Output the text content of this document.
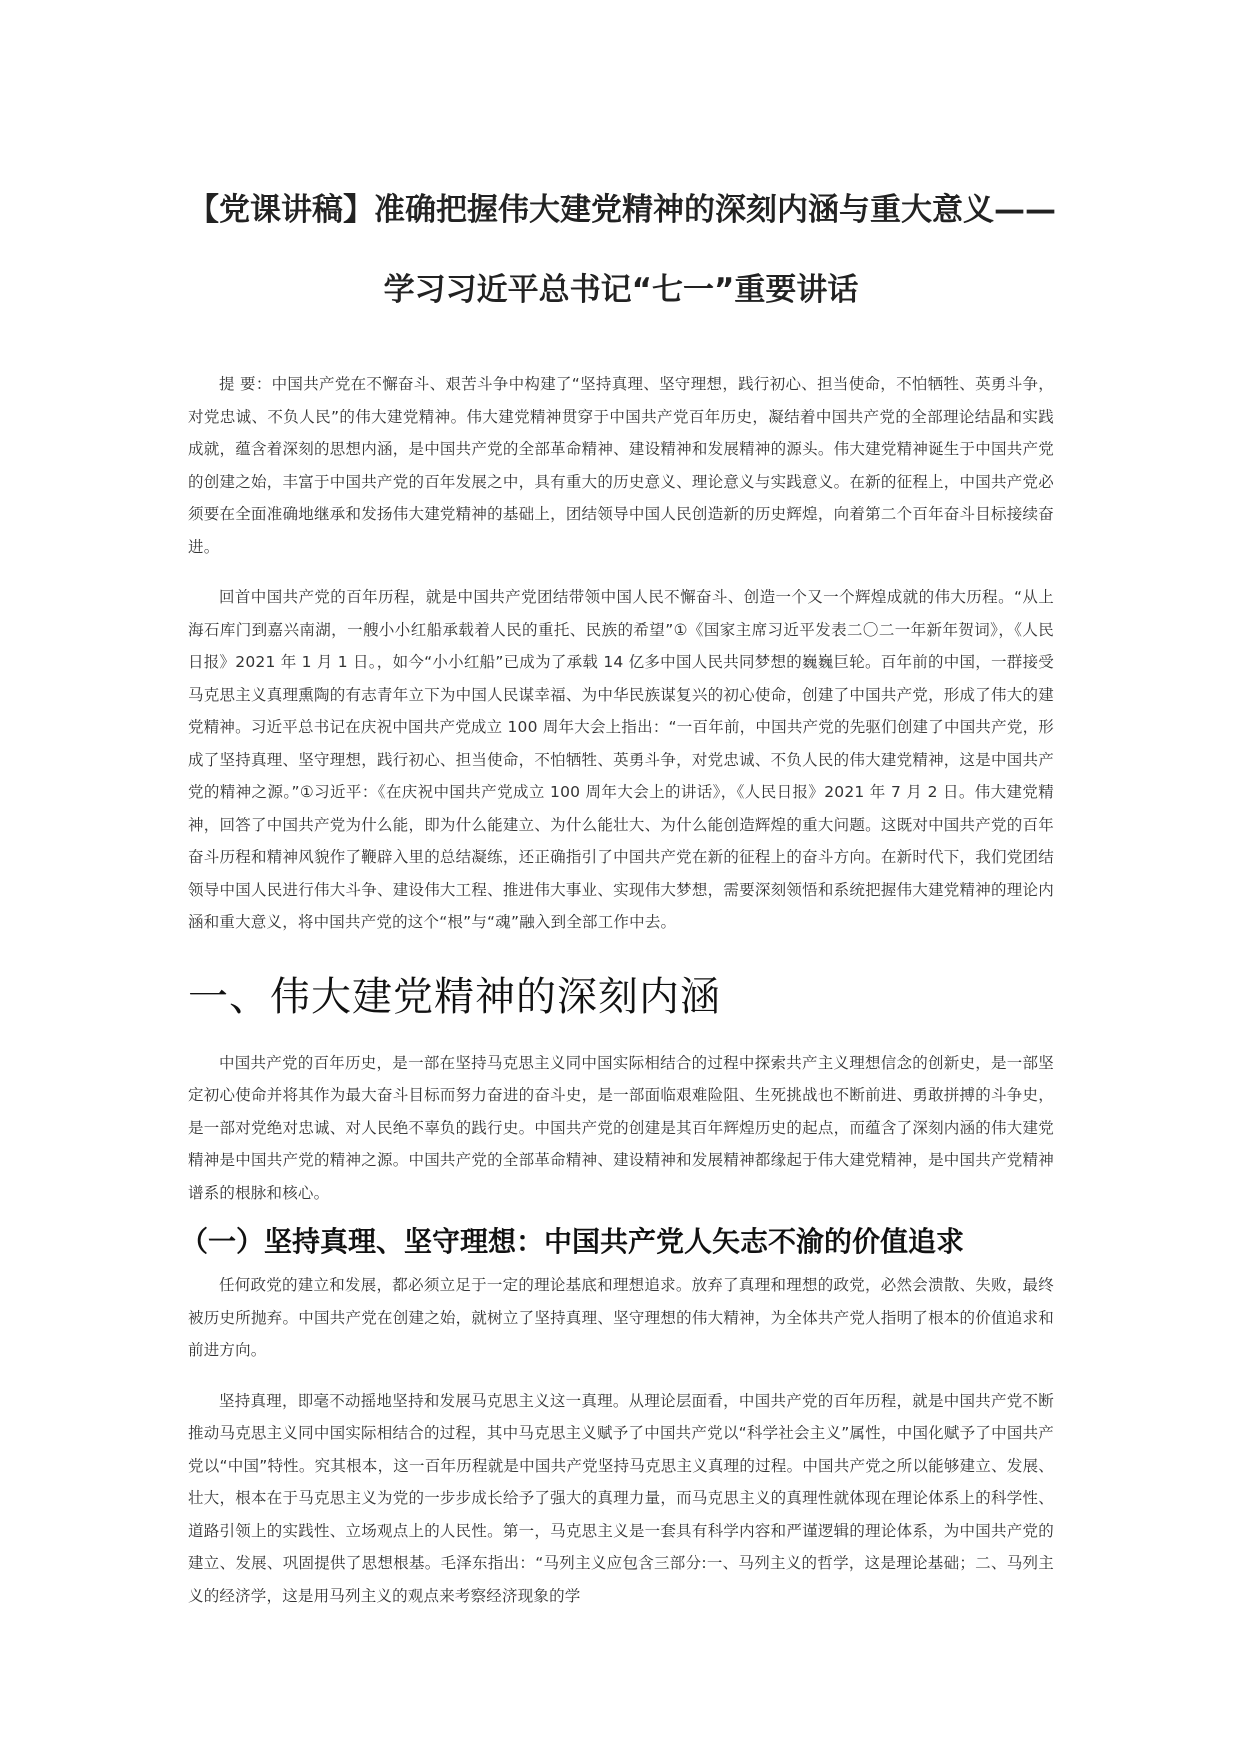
【党课讲稿】准确把握伟大建党精神的深刻内涵与重大意义——
学习习近平总书记“七一”重要讲话

提 要：中国共产党在不懈奋斗、艰苦斗争中构建了“坚持真理、坚守理想，践行初心、担当使命，不怕牺牲、英勇斗争，对党忠诚、不负人民”的伟大建党精神。伟大建党精神贯穿于中国共产党百年历史，凝结着中国共产党的全部理论结晶和实践成就，蕴含着深刻的思想内涵，是中国共产党的全部革命精神、建设精神和发展精神的源头。伟大建党精神诞生于中国共产党的创建之始，丰富于中国共产党的百年发展之中，具有重大的历史意义、理论意义与实践意义。在新的征程上，中国共产党必须要在全面准确地继承和发扬伟大建党精神的基础上，团结领导中国人民创造新的历史辉煌，向着第二个百年奋斗目标接续奋进。

回首中国共产党的百年历程，就是中国共产党团结带领中国人民不懈奋斗、创造一个又一个辉煌成就的伟大历程。“从上海石库门到嘉兴南湖，一艘小小红船承载着人民的重托、民族的希望”①《国家主席习近平发表二〇二一年新年贺词》，《人民日报》2021 年 1 月 1 日。，如今“小小红船”已成为了承载 14 亿多中国人民共同梦想的巍巍巨轮。百年前的中国，一群接受马克思主义真理熏陶的有志青年立下为中国人民谋幸福、为中华民族谋复兴的初心使命，创建了中国共产党，形成了伟大的建党精神。习近平总书记在庆祝中国共产党成立 100 周年大会上指出：“一百年前，中国共产党的先驱们创建了中国共产党，形成了坚持真理、坚守理想，践行初心、担当使命，不怕牺牲、英勇斗争，对党忠诚、不负人民的伟大建党精神，这是中国共产党的精神之源。”①习近平：《在庆祝中国共产党成立 100 周年大会上的讲话》，《人民日报》2021 年 7 月 2 日。伟大建党精神，回答了中国共产党为什么能，即为什么能建立、为什么能壮大、为什么能创造辉煌的重大问题。这既对中国共产党的百年奋斗历程和精神风貌作了鞭辟入里的总结凝练，还正确指引了中国共产党在新的征程上的奋斗方向。在新时代下，我们党团结领导中国人民进行伟大斗争、建设伟大工程、推进伟大事业、实现伟大梦想，需要深刻领悟和系统把握伟大建党精神的理论内涵和重大意义，将中国共产党的这个“根”与“魂”融入到全部工作中去。

一、伟大建党精神的深刻内涵

中国共产党的百年历史，是一部在坚持马克思主义同中国实际相结合的过程中探索共产主义理想信念的创新史，是一部坚定初心使命并将其作为最大奋斗目标而努力奋进的奋斗史，是一部面临艰难险阻、生死挑战也不断前进、勇敢拼搏的斗争史，是一部对党绝对忠诚、对人民绝不辜负的践行史。中国共产党的创建是其百年辉煌历史的起点，而蕴含了深刻内涵的伟大建党精神是中国共产党的精神之源。中国共产党的全部革命精神、建设精神和发展精神都缘起于伟大建党精神，是中国共产党精神谱系的根脉和核心。

（一）坚持真理、坚守理想：中国共产党人矢志不渝的价值追求

任何政党的建立和发展，都必须立足于一定的理论基底和理想追求。放弃了真理和理想的政党，必然会溃散、失败，最终被历史所抛弃。中国共产党在创建之始，就树立了坚持真理、坚守理想的伟大精神，为全体共产党人指明了根本的价值追求和前进方向。

坚持真理，即毫不动摇地坚持和发展马克思主义这一真理。从理论层面看，中国共产党的百年历程，就是中国共产党不断推动马克思主义同中国实际相结合的过程，其中马克思主义赋予了中国共产党以“科学社会主义”属性，中国化赋予了中国共产党以“中国”特性。究其根本，这一百年历程就是中国共产党坚持马克思主义真理的过程。中国共产党之所以能够建立、发展、壮大，根本在于马克思主义为党的一步步成长给予了强大的真理力量，而马克思主义的真理性就体现在理论体系上的科学性、道路引领上的实践性、立场观点上的人民性。第一，马克思主义是一套具有科学内容和严谨逻辑的理论体系，为中国共产党的建立、发展、巩固提供了思想根基。毛泽东指出：“马列主义应包含三部分:一、马列主义的哲学，这是理论基础；二、马列主义的经济学，这是用马列主义的观点来考察经济现象的学
